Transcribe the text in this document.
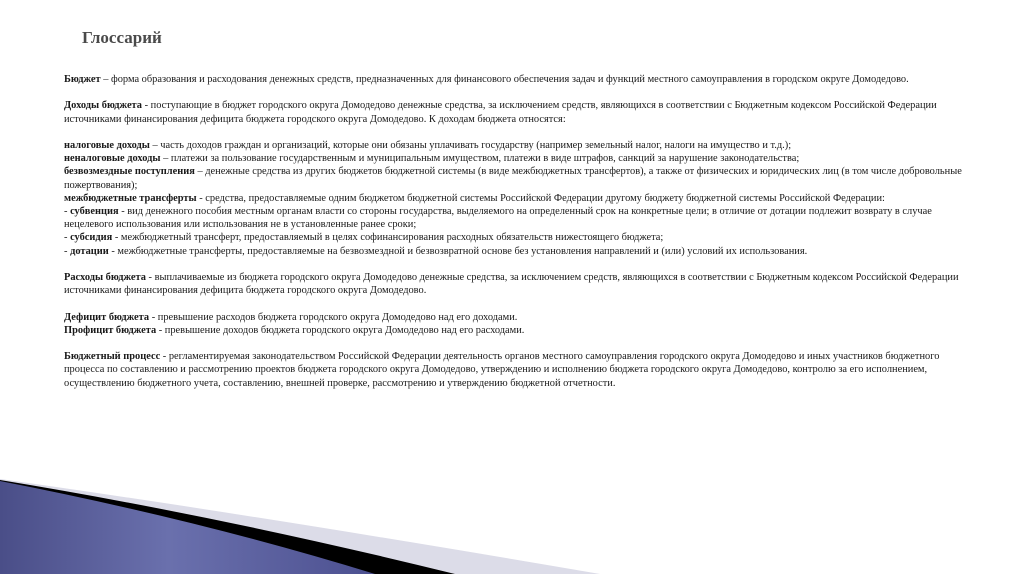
Глоссарий

Бюджет – форма образования и расходования денежных средств, предназначенных для финансового обеспечения задач и функций местного самоуправления в городском округе Домодедово.

Доходы бюджета - поступающие в бюджет городского округа Домодедово денежные средства, за исключением средств, являющихся в соответствии с Бюджетным кодексом Российской Федерации источниками финансирования дефицита бюджета городского округа Домодедово. К доходам бюджета относятся:

налоговые доходы – часть доходов граждан и организаций, которые они обязаны уплачивать государству (например земельный налог, налоги на имущество и т.д.);

неналоговые доходы – платежи за пользование государственным и муниципальным имуществом, платежи в виде штрафов, санкций за нарушение законодательства;

безвозмездные поступления – денежные средства из других бюджетов бюджетной системы (в виде межбюджетных трансфертов), а также от физических и юридических лиц (в том числе добровольные пожертвования);

межбюджетные трансферты - средства, предоставляемые одним бюджетом бюджетной системы Российской Федерации другому бюджету бюджетной системы Российской Федерации:

- субвенция - вид денежного пособия местным органам власти со стороны государства, выделяемого на определенный срок на конкретные цели; в отличие от дотации подлежит возврату в случае нецелевого использования или использования не в установленные ранее сроки;

- субсидия - межбюджетный трансферт, предоставляемый в целях софинансирования расходных обязательств нижестоящего бюджета;

- дотации - межбюджетные трансферты, предоставляемые на безвозмездной и безвозвратной основе без установления направлений и (или) условий их использования.

Расходы бюджета - выплачиваемые из бюджета городского округа Домодедово денежные средства, за исключением средств, являющихся в соответствии с Бюджетным кодексом Российской Федерации источниками финансирования дефицита бюджета городского округа Домодедово.

Дефицит бюджета - превышение расходов бюджета городского округа Домодедово над его доходами.

Профицит бюджета - превышение доходов бюджета городского округа Домодедово над его расходами.

Бюджетный процесс - регламентируемая законодательством Российской Федерации деятельность органов местного самоуправления городского округа Домодедово и иных участников бюджетного процесса по составлению и рассмотрению проектов бюджета городского округа Домодедово, утверждению и исполнению бюджета городского округа Домодедово, контролю за его исполнением, осуществлению бюджетного учета, составлению, внешней проверке, рассмотрению и утверждению бюджетной отчетности.
